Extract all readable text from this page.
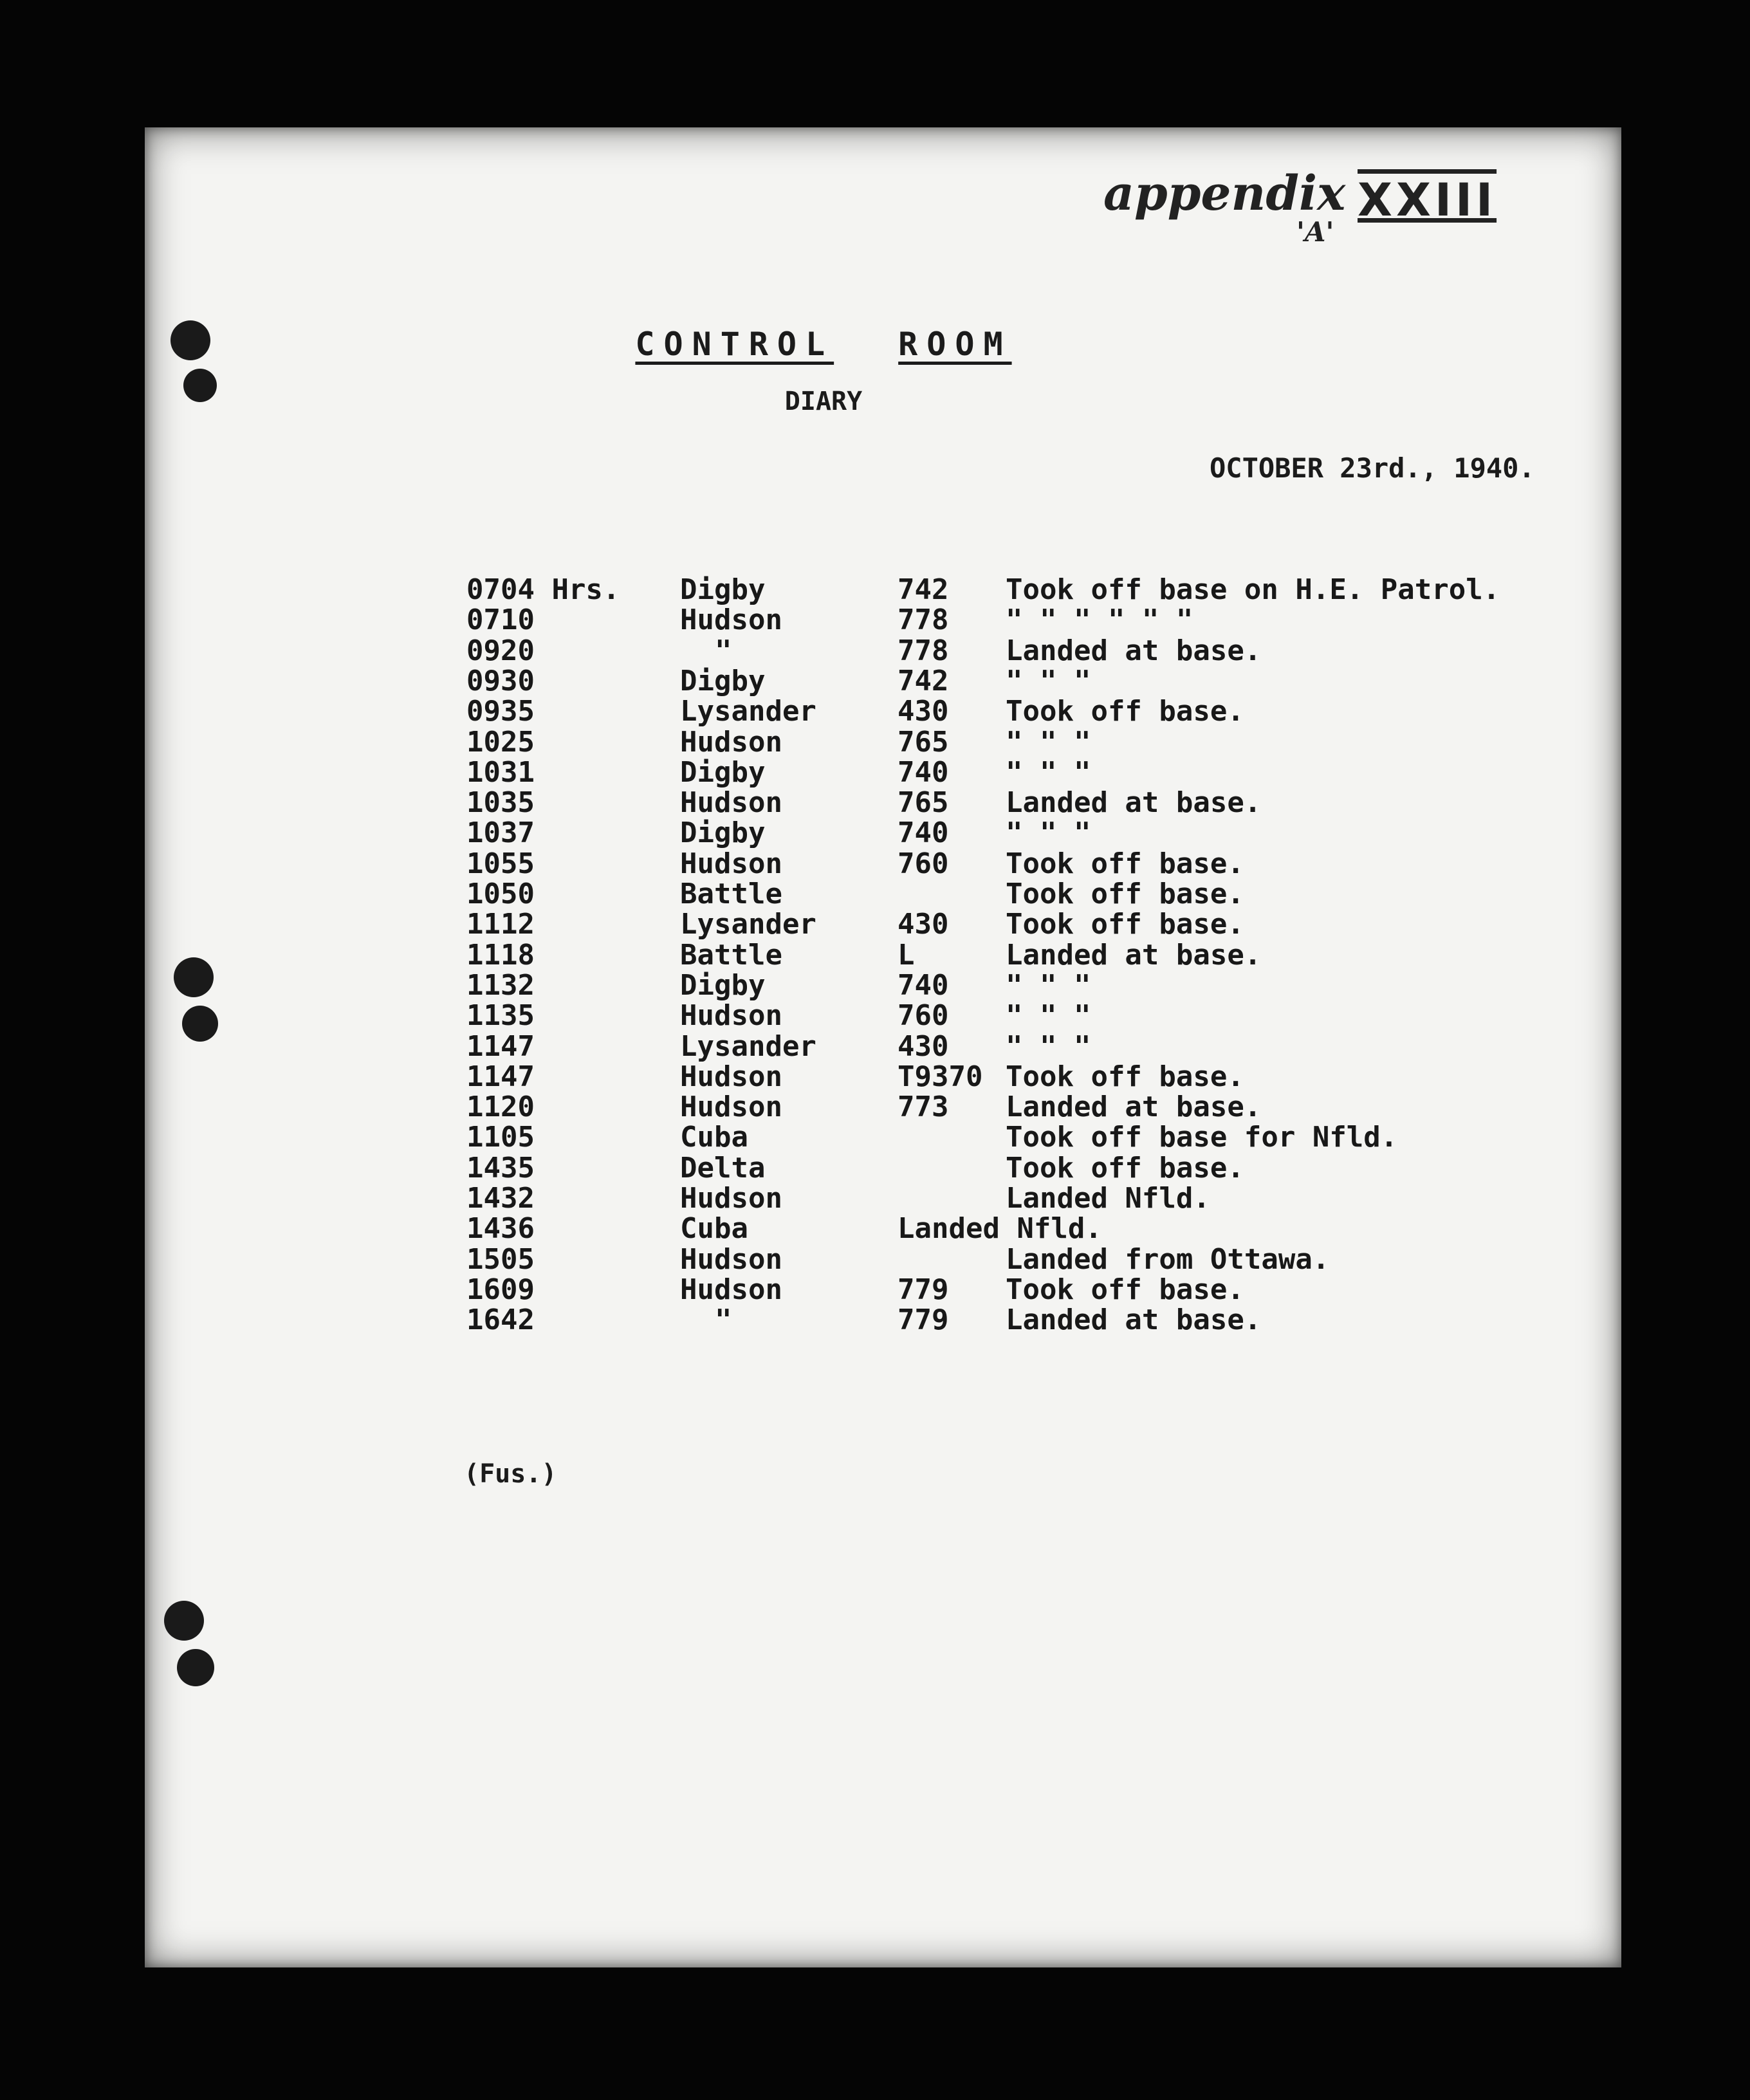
appendix
'A'
XXIII
CONTROL ROOM
DIARY
OCTOBER 23rd., 1940.
0704 Hrs. Digby	742 Took off base on H.E. Patrol.
0710	Hudson	778 " " " " " "
0920	"	778 Landed at base.
0930	Digby	742 " " "
0935	Lysander	430 Took off base.
1025	Hudson	765 " " "
1031	Digby	740 " " "
1035	Hudson	765 Landed at base.
1037	Digby	740 " " "
1055	Hudson	760 Took off base.
1050	Battle	Took off base.
1112	Lysander	430 Took off base.
1118	Battle	L	Landed at base.
1132	Digby	740 " " "
1135	Hudson	760 " " "
1147	Lysander	430 " " "
1147	Hudson	T9370 Took off base.
1120	Hudson	773 Landed at base.
1105	Cuba	Took off base for Nfld.
1435	Delta	Took off base.
1432	Hudson	Landed Nfld.
1436	Cuba	Landed Nfld.
1505	Hudson	Landed from Ottawa.
1609	Hudson	779 Took off base.
1642	"	779 Landed at base.
(Fus.)
